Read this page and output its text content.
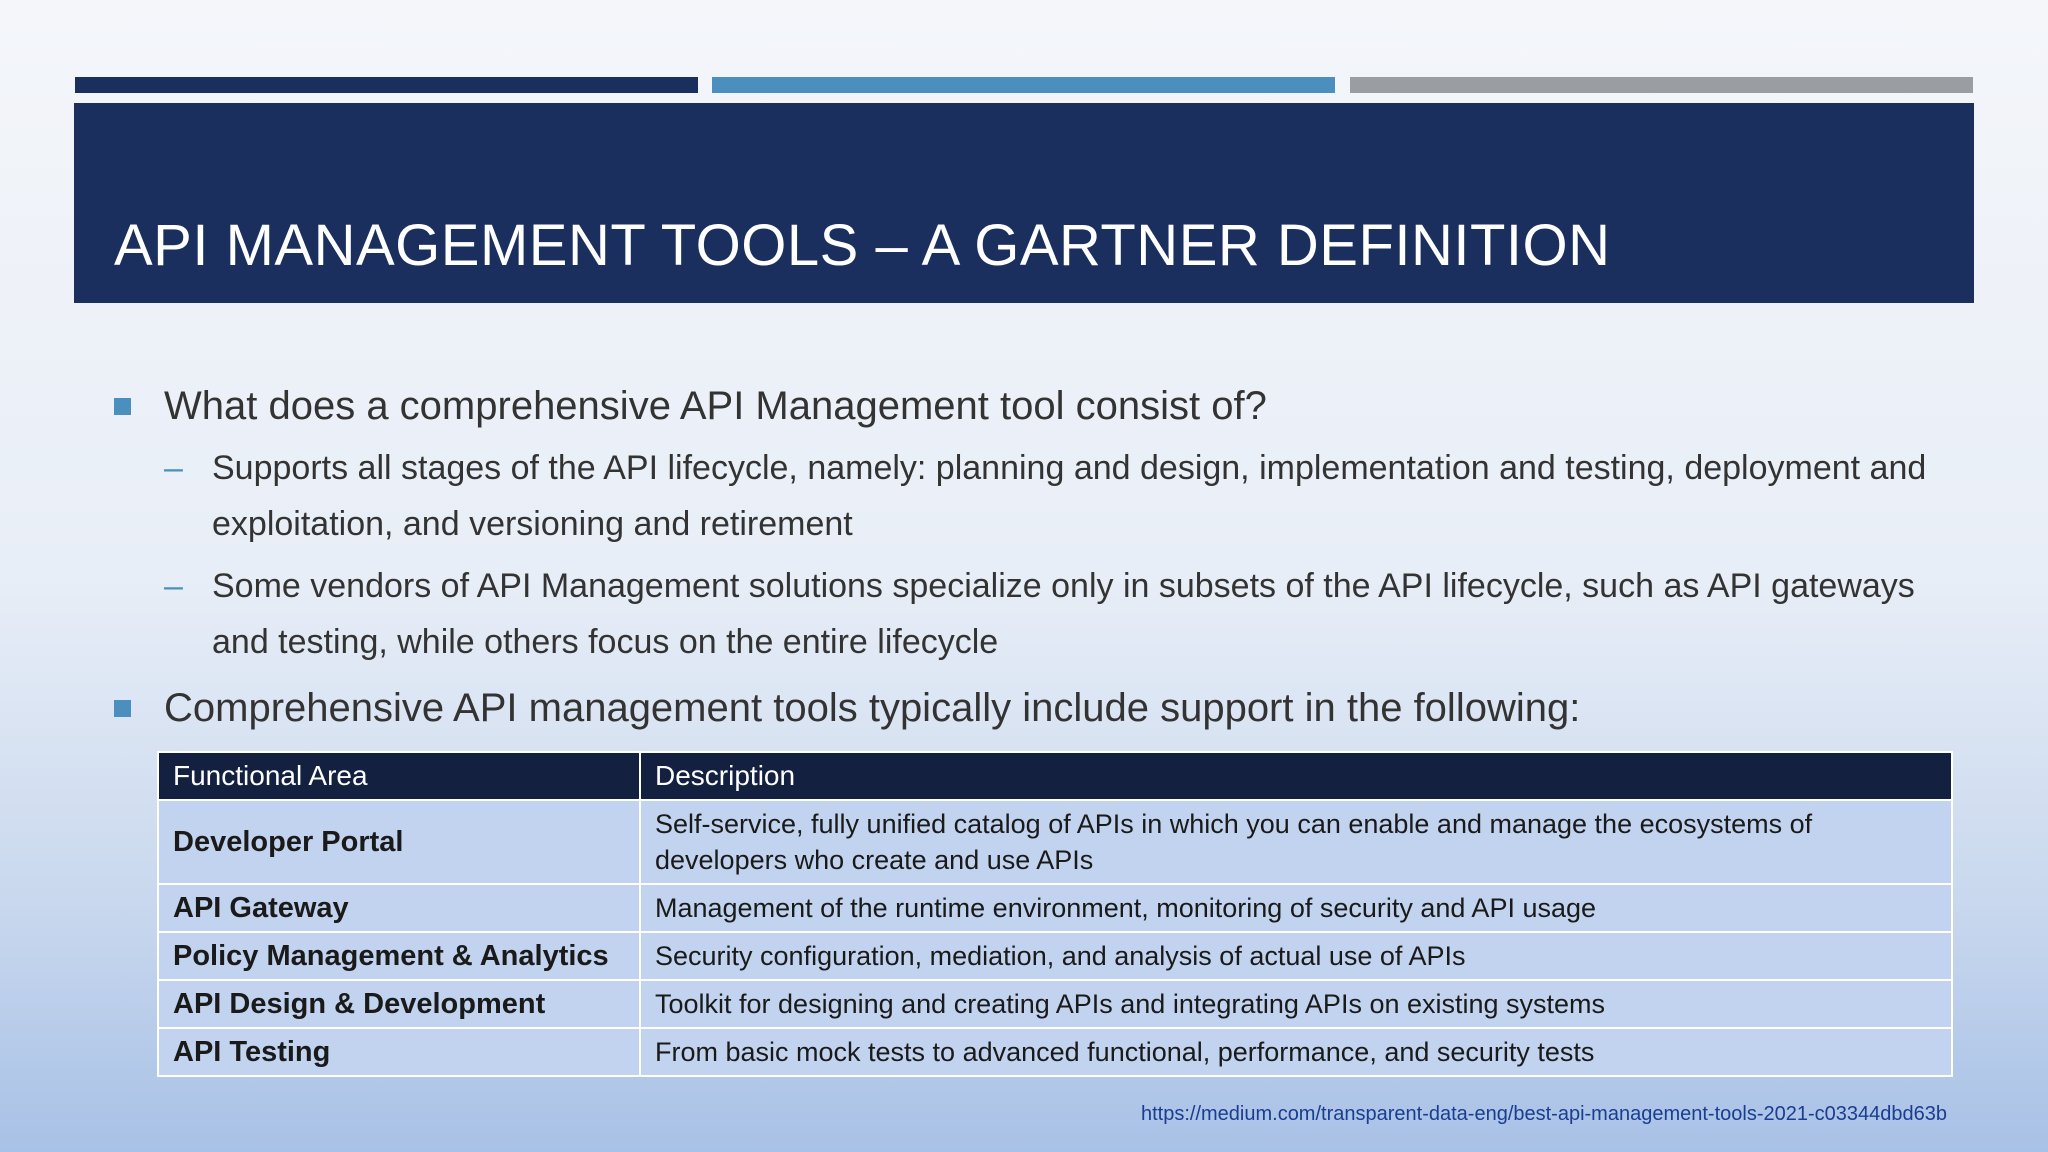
API MANAGEMENT TOOLS – A GARTNER DEFINITION
What does a comprehensive API Management tool consist of?
– Supports all stages of the API lifecycle, namely: planning and design, implementation and testing, deployment and exploitation, and versioning and retirement
– Some vendors of API Management solutions specialize only in subsets of the API lifecycle, such as API gateways and testing, while others focus on the entire lifecycle
Comprehensive API management tools typically include support in the following:
Functional Area	Description
Developer Portal	Self-service, fully unified catalog of APIs in which you can enable and manage the ecosystems of developers who create and use APIs
API Gateway	Management of the runtime environment, monitoring of security and API usage
Policy Management & Analytics	Security configuration, mediation, and analysis of actual use of APIs
API Design & Development	Toolkit for designing and creating APIs and integrating APIs on existing systems
API Testing	From basic mock tests to advanced functional, performance, and security tests
https://medium.com/transparent-data-eng/best-api-management-tools-2021-c03344dbd63b
